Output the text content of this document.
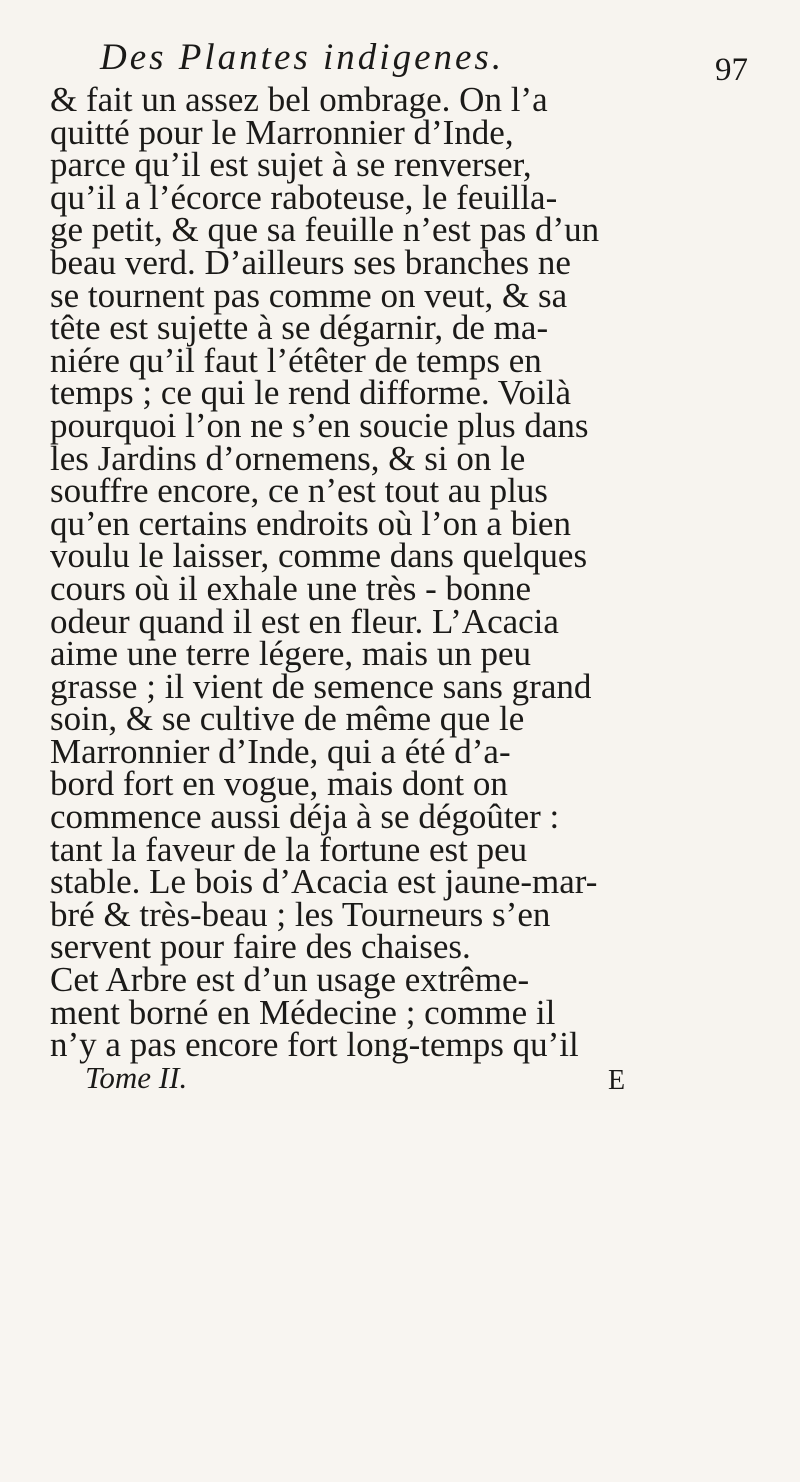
Des Plantes indigenes.	97
& fait un assez bel ombrage. On l’a
quitté pour le Marronnier d’Inde,
parce qu’il est sujet à se renverser,
qu’il a l’écorce raboteuse, le feuilla-
ge petit, & que sa feuille n’est pas d’un
beau verd. D’ailleurs ses branches ne
se tournent pas comme on veut, & sa
tête est sujette à se dégarnir, de ma-
niére qu’il faut l’étêter de temps en
temps ; ce qui le rend difforme. Voilà
pourquoi l’on ne s’en soucie plus dans
les Jardins d’ornemens, & si on le
souffre encore, ce n’est tout au plus
qu’en certains endroits où l’on a bien
voulu le laisser, comme dans quelques
cours où il exhale une très - bonne
odeur quand il est en fleur. L’Acacia
aime une terre légere, mais un peu
grasse ; il vient de semence sans grand
soin, & se cultive de même que le
Marronnier d’Inde, qui a été d’a-
bord fort en vogue, mais dont on
commence aussi déja à se dégoûter :
tant la faveur de la fortune est peu
stable. Le bois d’Acacia est jaune-mar-
bré & très-beau ; les Tourneurs s’en
servent pour faire des chaises.
Cet Arbre est d’un usage extrême-
ment borné en Médecine ; comme il
n’y a pas encore fort long-temps qu’il
Tome II.	E
